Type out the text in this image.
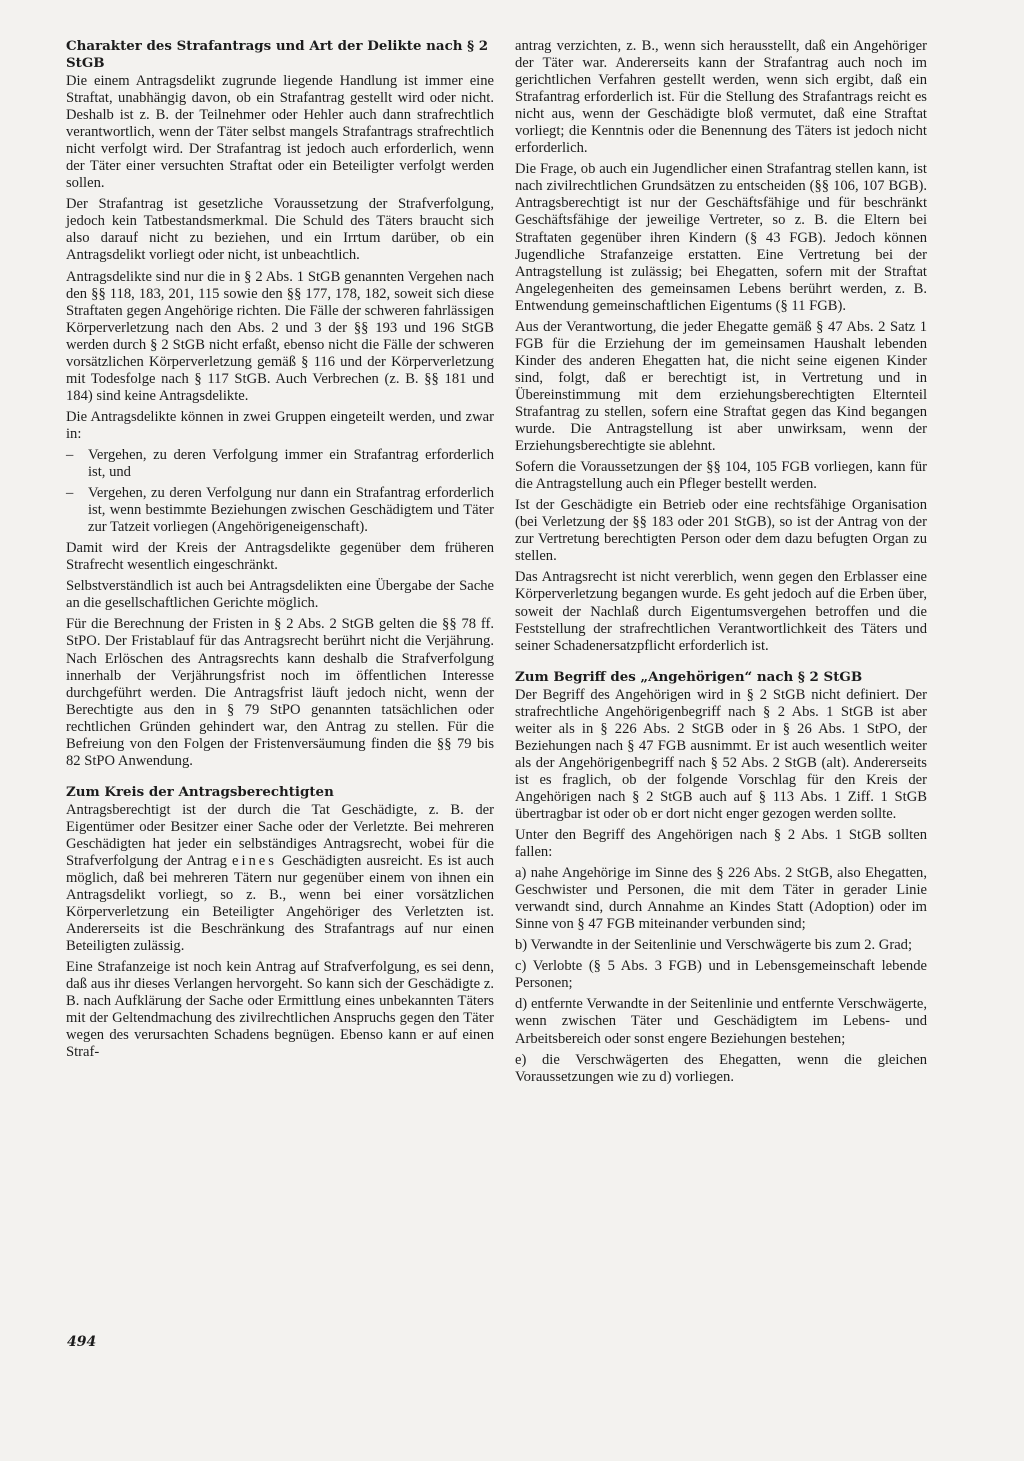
Charakter des Strafantrags und Art der Delikte nach § 2 StGB

Die einem Antragsdelikt zugrunde liegende Handlung ist immer eine Straftat, unabhängig davon, ob ein Strafantrag gestellt wird oder nicht. Deshalb ist z. B. der Teilnehmer oder Hehler auch dann strafrechtlich verantwortlich, wenn der Täter selbst mangels Strafantrags strafrechtlich nicht verfolgt wird. Der Strafantrag ist jedoch auch erforderlich, wenn der Täter einer versuchten Straftat oder ein Beteiligter verfolgt werden sollen.

Der Strafantrag ist gesetzliche Voraussetzung der Strafverfolgung, jedoch kein Tatbestandsmerkmal. Die Schuld des Täters braucht sich also darauf nicht zu beziehen, und ein Irrtum darüber, ob ein Antragsdelikt vorliegt oder nicht, ist unbeachtlich.

Antragsdelikte sind nur die in § 2 Abs. 1 StGB genannten Vergehen nach den §§ 118, 183, 201, 115 sowie den §§ 177, 178, 182, soweit sich diese Straftaten gegen Angehörige richten. Die Fälle der schweren fahrlässigen Körperverletzung nach den Abs. 2 und 3 der §§ 193 und 196 StGB werden durch § 2 StGB nicht erfaßt, ebenso nicht die Fälle der schweren vorsätzlichen Körperverletzung gemäß § 116 und der Körperverletzung mit Todesfolge nach § 117 StGB. Auch Verbrechen (z. B. §§ 181 und 184) sind keine Antragsdelikte.

Die Antragsdelikte können in zwei Gruppen eingeteilt werden, und zwar in:

– Vergehen, zu deren Verfolgung immer ein Strafantrag erforderlich ist, und
– Vergehen, zu deren Verfolgung nur dann ein Strafantrag erforderlich ist, wenn bestimmte Beziehungen zwischen Geschädigtem und Täter zur Tatzeit vorliegen (Angehörigeneigenschaft).

Damit wird der Kreis der Antragsdelikte gegenüber dem früheren Strafrecht wesentlich eingeschränkt.

Selbstverständlich ist auch bei Antragsdelikten eine Übergabe der Sache an die gesellschaftlichen Gerichte möglich.

Für die Berechnung der Fristen in § 2 Abs. 2 StGB gelten die §§ 78 ff. StPO. Der Fristablauf für das Antragsrecht berührt nicht die Verjährung. Nach Erlöschen des Antragsrechts kann deshalb die Strafverfolgung innerhalb der Verjährungsfrist noch im öffentlichen Interesse durchgeführt werden. Die Antragsfrist läuft jedoch nicht, wenn der Berechtigte aus den in § 79 StPO genannten tatsächlichen oder rechtlichen Gründen gehindert war, den Antrag zu stellen. Für die Befreiung von den Folgen der Fristenversäumung finden die §§ 79 bis 82 StPO Anwendung.

Zum Kreis der Antragsberechtigten

Antragsberechtigt ist der durch die Tat Geschädigte, z. B. der Eigentümer oder Besitzer einer Sache oder der Verletzte. Bei mehreren Geschädigten hat jeder ein selbständiges Antragsrecht, wobei für die Strafverfolgung der Antrag eines Geschädigten ausreicht. Es ist auch möglich, daß bei mehreren Tätern nur gegenüber einem von ihnen ein Antragsdelikt vorliegt, so z. B., wenn bei einer vorsätzlichen Körperverletzung ein Beteiligter Angehöriger des Verletzten ist. Andererseits ist die Beschränkung des Strafantrags auf nur einen Beteiligten zulässig.

Eine Strafanzeige ist noch kein Antrag auf Strafverfolgung, es sei denn, daß aus ihr dieses Verlangen hervorgeht. So kann sich der Geschädigte z. B. nach Aufklärung der Sache oder Ermittlung eines unbekannten Täters mit der Geltendmachung des zivilrechtlichen Anspruchs gegen den Täter wegen des verursachten Schadens begnügen. Ebenso kann er auf einen Straf-

antrag verzichten, z. B., wenn sich herausstellt, daß ein Angehöriger der Täter war. Andererseits kann der Strafantrag auch noch im gerichtlichen Verfahren gestellt werden, wenn sich ergibt, daß ein Strafantrag erforderlich ist. Für die Stellung des Strafantrags reicht es nicht aus, wenn der Geschädigte bloß vermutet, daß eine Straftat vorliegt; die Kenntnis oder die Benennung des Täters ist jedoch nicht erforderlich.

Die Frage, ob auch ein Jugendlicher einen Strafantrag stellen kann, ist nach zivilrechtlichen Grundsätzen zu entscheiden (§§ 106, 107 BGB). Antragsberechtigt ist nur der Geschäftsfähige und für beschränkt Geschäftsfähige der jeweilige Vertreter, so z. B. die Eltern bei Straftaten gegenüber ihren Kindern (§ 43 FGB). Jedoch können Jugendliche Strafanzeige erstatten. Eine Vertretung bei der Antragstellung ist zulässig; bei Ehegatten, sofern mit der Straftat Angelegenheiten des gemeinsamen Lebens berührt werden, z. B. Entwendung gemeinschaftlichen Eigentums (§ 11 FGB).

Aus der Verantwortung, die jeder Ehegatte gemäß § 47 Abs. 2 Satz 1 FGB für die Erziehung der im gemeinsamen Haushalt lebenden Kinder des anderen Ehegatten hat, die nicht seine eigenen Kinder sind, folgt, daß er berechtigt ist, in Vertretung und in Übereinstimmung mit dem erziehungsberechtigten Elternteil Strafantrag zu stellen, sofern eine Straftat gegen das Kind begangen wurde. Die Antragstellung ist aber unwirksam, wenn der Erziehungsberechtigte sie ablehnt.

Sofern die Voraussetzungen der §§ 104, 105 FGB vorliegen, kann für die Antragstellung auch ein Pfleger bestellt werden.

Ist der Geschädigte ein Betrieb oder eine rechtsfähige Organisation (bei Verletzung der §§ 183 oder 201 StGB), so ist der Antrag von der zur Vertretung berechtigten Person oder dem dazu befugten Organ zu stellen.

Das Antragsrecht ist nicht vererblich, wenn gegen den Erblasser eine Körperverletzung begangen wurde. Es geht jedoch auf die Erben über, soweit der Nachlaß durch Eigentumsvergehen betroffen und die Feststellung der strafrechtlichen Verantwortlichkeit des Täters und seiner Schadenersatzpflicht erforderlich ist.

Zum Begriff des „Angehörigen“ nach § 2 StGB

Der Begriff des Angehörigen wird in § 2 StGB nicht definiert. Der strafrechtliche Angehörigenbegriff nach § 2 Abs. 1 StGB ist aber weiter als in § 226 Abs. 2 StGB oder in § 26 Abs. 1 StPO, der Beziehungen nach § 47 FGB ausnimmt. Er ist auch wesentlich weiter als der Angehörigenbegriff nach § 52 Abs. 2 StGB (alt). Andererseits ist es fraglich, ob der folgende Vorschlag für den Kreis der Angehörigen nach § 2 StGB auch auf § 113 Abs. 1 Ziff. 1 StGB übertragbar ist oder ob er dort nicht enger gezogen werden sollte.

Unter den Begriff des Angehörigen nach § 2 Abs. 1 StGB sollten fallen:

a) nahe Angehörige im Sinne des § 226 Abs. 2 StGB, also Ehegatten, Geschwister und Personen, die mit dem Täter in gerader Linie verwandt sind, durch Annahme an Kindes Statt (Adoption) oder im Sinne von § 47 FGB miteinander verbunden sind;

b) Verwandte in der Seitenlinie und Verschwägerte bis zum 2. Grad;

c) Verlobte (§ 5 Abs. 3 FGB) und in Lebensgemeinschaft lebende Personen;

d) entfernte Verwandte in der Seitenlinie und entfernte Verschwägerte, wenn zwischen Täter und Geschädigtem im Lebens- und Arbeitsbereich oder sonst engere Beziehungen bestehen;

e) die Verschwägerten des Ehegatten, wenn die gleichen Voraussetzungen wie zu d) vorliegen.

494
